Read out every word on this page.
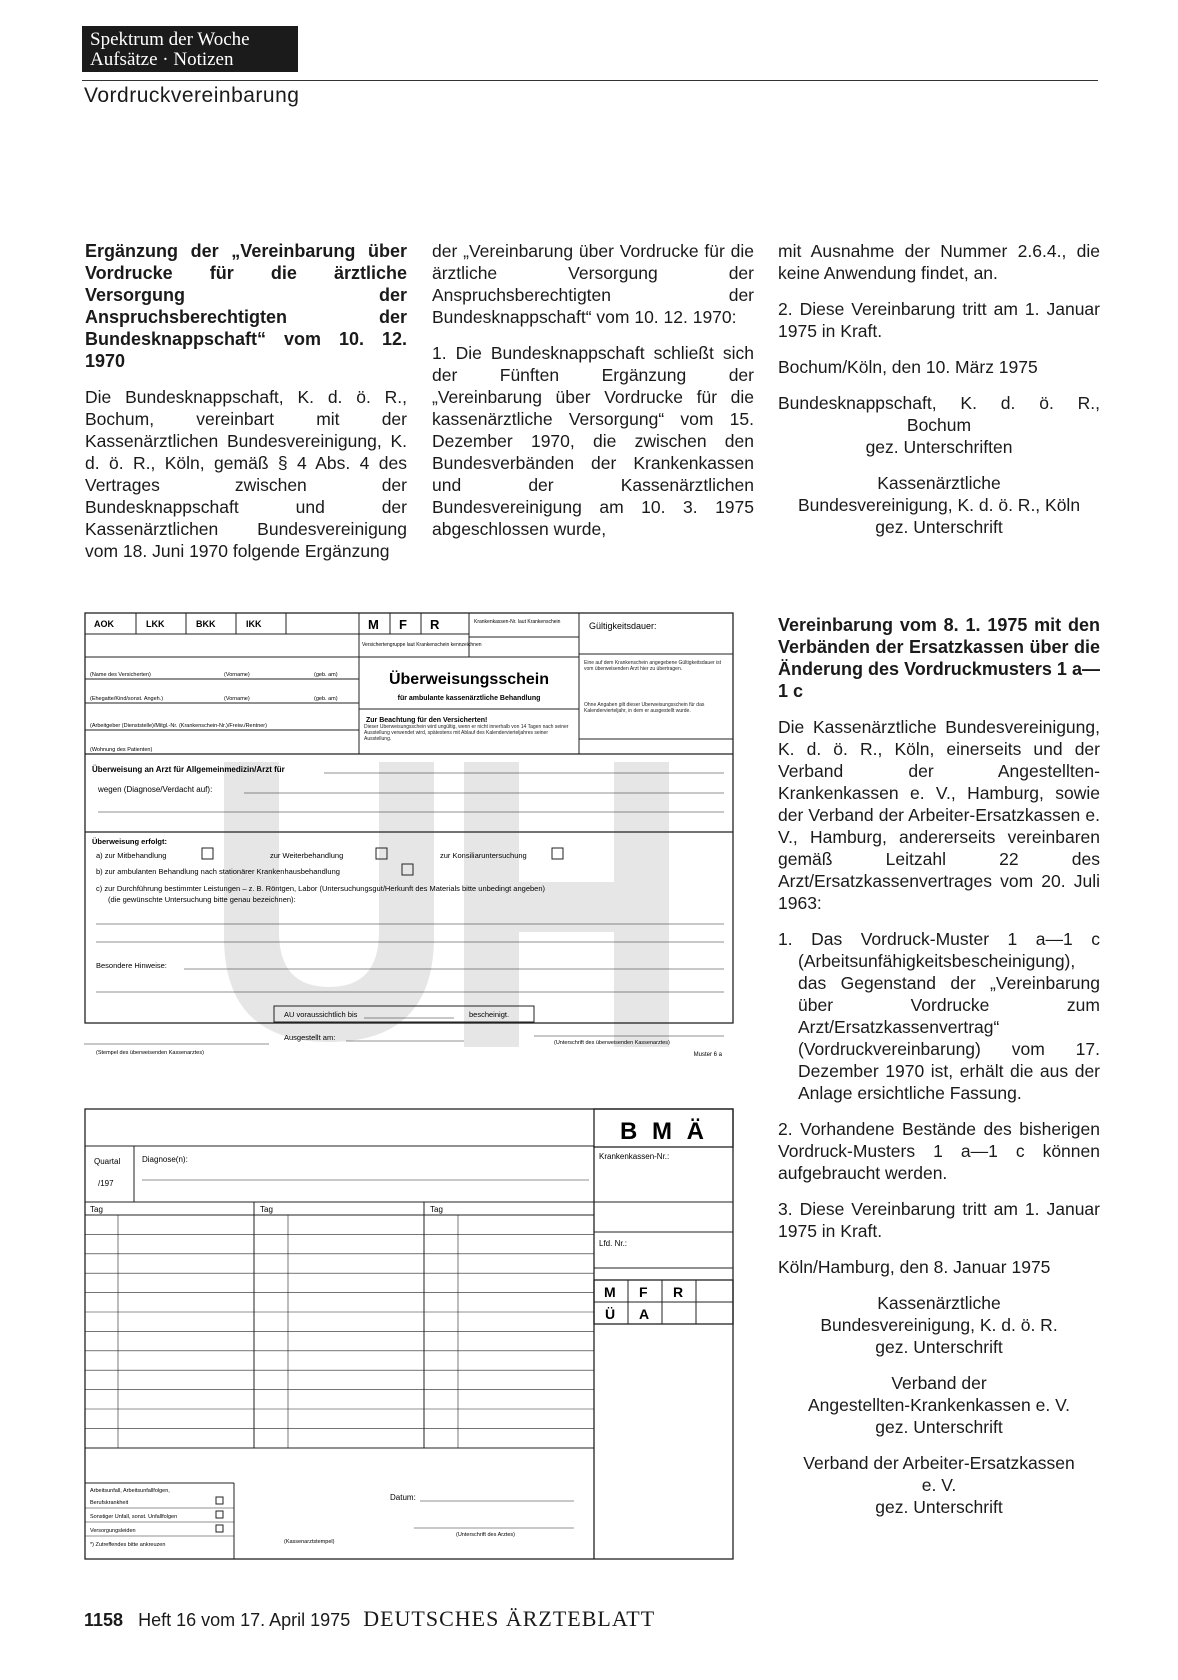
Spektrum der Woche
Aufsätze · Notizen
Vordruckvereinbarung
Ergänzung der „Vereinbarung über Vordrucke für die ärztliche Versorgung der Anspruchsberechtigten der Bundesknappschaft“ vom 10. 12. 1970

Die Bundesknappschaft, K. d. ö. R., Bochum, vereinbart mit der Kassenärztlichen Bundesvereinigung, K. d. ö. R., Köln, gemäß § 4 Abs. 4 des Vertrages zwischen der Bundesknappschaft und der Kassenärztlichen Bundesvereinigung vom 18. Juni 1970 folgende Ergänzung

der „Vereinbarung über Vordrucke für die ärztliche Versorgung der Anspruchsberechtigten der Bundesknappschaft“ vom 10. 12. 1970:

1. Die Bundesknappschaft schließt sich der Fünften Ergänzung der „Vereinbarung über Vordrucke für die kassenärztliche Versorgung“ vom 15. Dezember 1970, die zwischen den Bundesverbänden der Krankenkassen und der Kassenärztlichen Bundesvereinigung am 10. 3. 1975 abgeschlossen wurde,

mit Ausnahme der Nummer 2.6.4., die keine Anwendung findet, an.

2. Diese Vereinbarung tritt am 1. Januar 1975 in Kraft.

Bochum/Köln, den 10. März 1975

Bundesknappschaft, K. d. ö. R.,
Bochum
gez. Unterschriften

Kassenärztliche
Bundesvereinigung, K. d. ö. R., Köln
gez. Unterschrift

Vereinbarung vom 8. 1. 1975 mit den Verbänden der Ersatzkassen über die Änderung des Vordruckmusters 1 a—1 c

Die Kassenärztliche Bundesvereinigung, K. d. ö. R., Köln, einerseits und der Verband der Angestellten-Krankenkassen e. V., Hamburg, sowie der Verband der Arbeiter-Ersatzkassen e. V., Hamburg, andererseits vereinbaren gemäß Leitzahl 22 des Arzt/Ersatzkassenvertrages vom 20. Juli 1963:

1. Das Vordruck-Muster 1 a—1 c (Arbeitsunfähigkeitsbescheinigung), das Gegenstand der „Vereinbarung über Vordrucke zum Arzt/Ersatzkassenvertrag“ (Vordruckvereinbarung) vom 17. Dezember 1970 ist, erhält die aus der Anlage ersichtliche Fassung.

2. Vorhandene Bestände des bisherigen Vordruck-Musters 1 a—1 c können aufgebraucht werden.

3. Diese Vereinbarung tritt am 1. Januar 1975 in Kraft.

Köln/Hamburg, den 8. Januar 1975

Kassenärztliche
Bundesvereinigung, K. d. ö. R.
gez. Unterschrift

Verband der
Angestellten-Krankenkassen e. V.
gez. Unterschrift

Verband der Arbeiter-Ersatzkassen
e. V.
gez. Unterschrift

AOK	LKK	BKK	IKK	M F R
Versichertengruppe laut Krankenschein kennzeichnen
Krankenkassen-Nr. laut Krankenschein	Gültigkeitsdauer:
(Name des Versicherten)	(Vorname)	(geb. am)
(Ehegatte/Kind/sonst. Angeh.)	(Vorname)	(geb. am)
(Arbeitgeber (Dienststelle)/Mitgl.-Nr. (Krankenschein-Nr.)/Freiw./Rentner)
(Wohnung des Patienten)
Überweisungsschein
für ambulante kassenärztliche Behandlung
Zur Beachtung für den Versicherten!
Dieser Überweisungsschein wird ungültig, wenn er nicht innerhalb von 14 Tagen nach seiner Ausstellung verwendet wird, spätestens mit Ablauf des Kalendervierteljahres seiner Ausstellung.
Eine auf dem Krankenschein angegebene Gültigkeitsdauer ist vom überweisenden Arzt hier zu übertragen.
Ohne Angaben gilt dieser Überweisungsschein für das Kalendervierteljahr, in dem er ausgestellt wurde.
Überweisung an Arzt für Allgemeinmedizin/Arzt für
wegen (Diagnose/Verdacht auf):
Überweisung erfolgt:
a) zur Mitbehandlung	zur Weiterbehandlung	zur Konsiliaruntersuchung
b) zur ambulanten Behandlung nach stationärer Krankenhausbehandlung
c) zur Durchführung bestimmter Leistungen – z. B. Röntgen, Labor (Untersuchungsgut/Herkunft des Materials bitte unbedingt angeben)
(die gewünschte Untersuchung bitte genau bezeichnen):
Besondere Hinweise:
AU voraussichtlich bis	bescheinigt.
Ausgestellt am:
(Stempel des überweisenden Kassenarztes)
(Unterschrift des überweisenden Kassenarztes)
Muster 6 a
B M Ä
Quartal
/197
Diagnose(n):	Krankenkassen-Nr.:
Lfd. Nr.:
Tag	Tag	Tag
M F R
Ü A
Arbeitsunfall, Arbeitsunfallfolgen,
Berufskrankheit
Sonstiger Unfall, sonst. Unfallfolgen
Versorgungsleiden
*) Zutreffendes bitte ankreuzen
Datum:
(Kassenarztstempel)
(Unterschrift des Arztes)
1158 Heft 16 vom 17. April 1975 DEUTSCHES ÄRZTEBLATT
